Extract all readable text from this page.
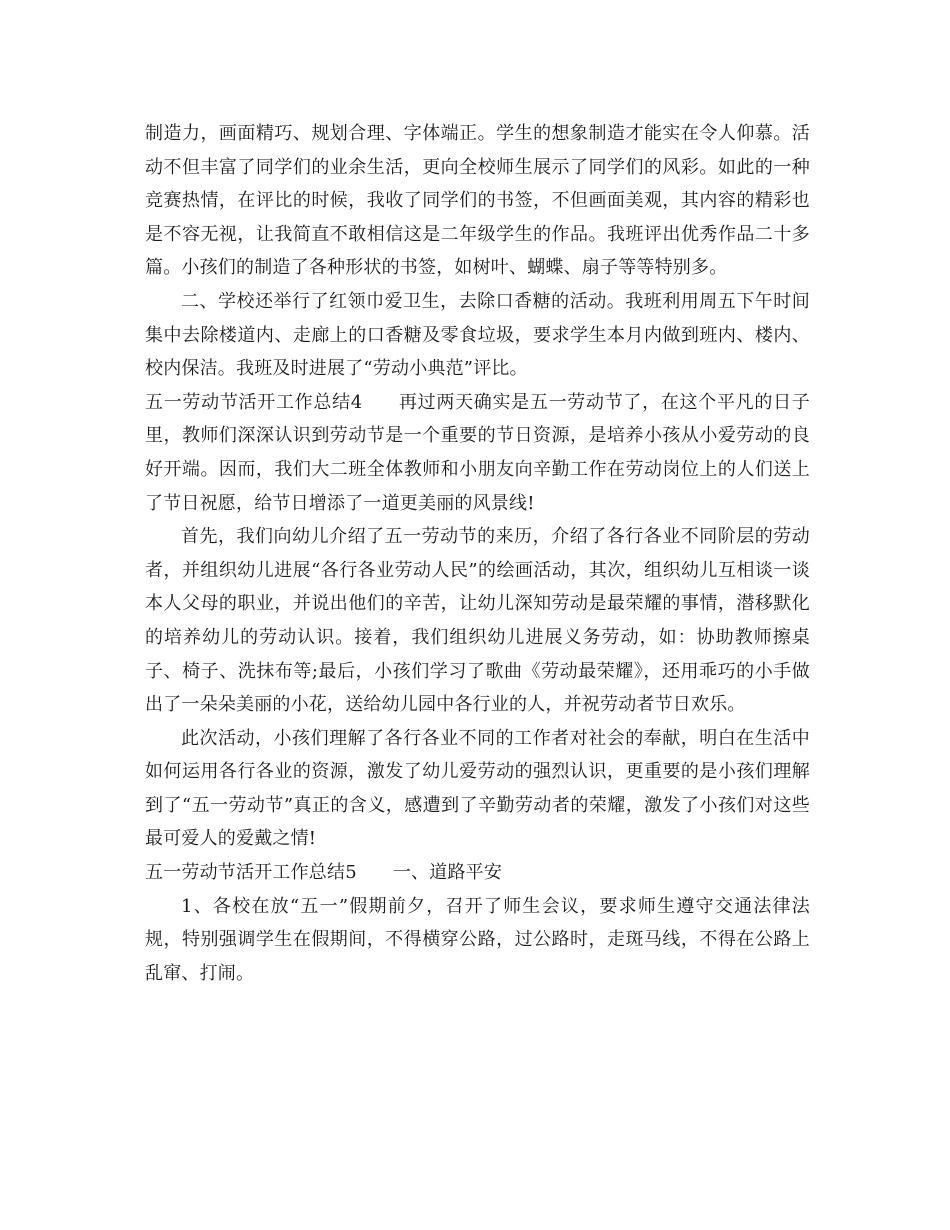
制造力，画面精巧、规划合理、字体端正。学生的想象制造才能实在令人仰慕。活动不但丰富了同学们的业余生活，更向全校师生展示了同学们的风彩。如此的一种竞赛热情，在评比的时候，我收了同学们的书签，不但画面美观，其内容的精彩也是不容无视，让我简直不敢相信这是二年级学生的作品。我班评出优秀作品二十多篇。小孩们的制造了各种形状的书签，如树叶、蝴蝶、扇子等等特别多。

二、学校还举行了红领巾爱卫生，去除口香糖的活动。我班利用周五下午时间集中去除楼道内、走廊上的口香糖及零食垃圾，要求学生本月内做到班内、楼内、校内保洁。我班及时进展了“劳动小典范”评比。

五一劳动节活开工作总结4 再过两天确实是五一劳动节了，在这个平凡的日子里，教师们深深认识到劳动节是一个重要的节日资源，是培养小孩从小爱劳动的良好开端。因而，我们大二班全体教师和小朋友向辛勤工作在劳动岗位上的人们送上了节日祝愿，给节日增添了一道更美丽的风景线!

首先，我们向幼儿介绍了五一劳动节的来历，介绍了各行各业不同阶层的劳动者，并组织幼儿进展“各行各业劳动人民”的绘画活动，其次，组织幼儿互相谈一谈本人父母的职业，并说出他们的辛苦，让幼儿深知劳动是最荣耀的事情，潜移默化的培养幼儿的劳动认识。接着，我们组织幼儿进展义务劳动，如：协助教师擦桌子、椅子、洗抹布等;最后，小孩们学习了歌曲《劳动最荣耀》，还用乖巧的小手做出了一朵朵美丽的小花，送给幼儿园中各行业的人，并祝劳动者节日欢乐。

此次活动，小孩们理解了各行各业不同的工作者对社会的奉献，明白在生活中如何运用各行各业的资源，激发了幼儿爱劳动的强烈认识，更重要的是小孩们理解到了“五一劳动节”真正的含义，感遭到了辛勤劳动者的荣耀，激发了小孩们对这些最可爱人的爱戴之情!

五一劳动节活开工作总结5 一、道路平安

1、各校在放“五一”假期前夕，召开了师生会议，要求师生遵守交通法律法规，特别强调学生在假期间，不得横穿公路，过公路时，走斑马线，不得在公路上乱窜、打闹。
